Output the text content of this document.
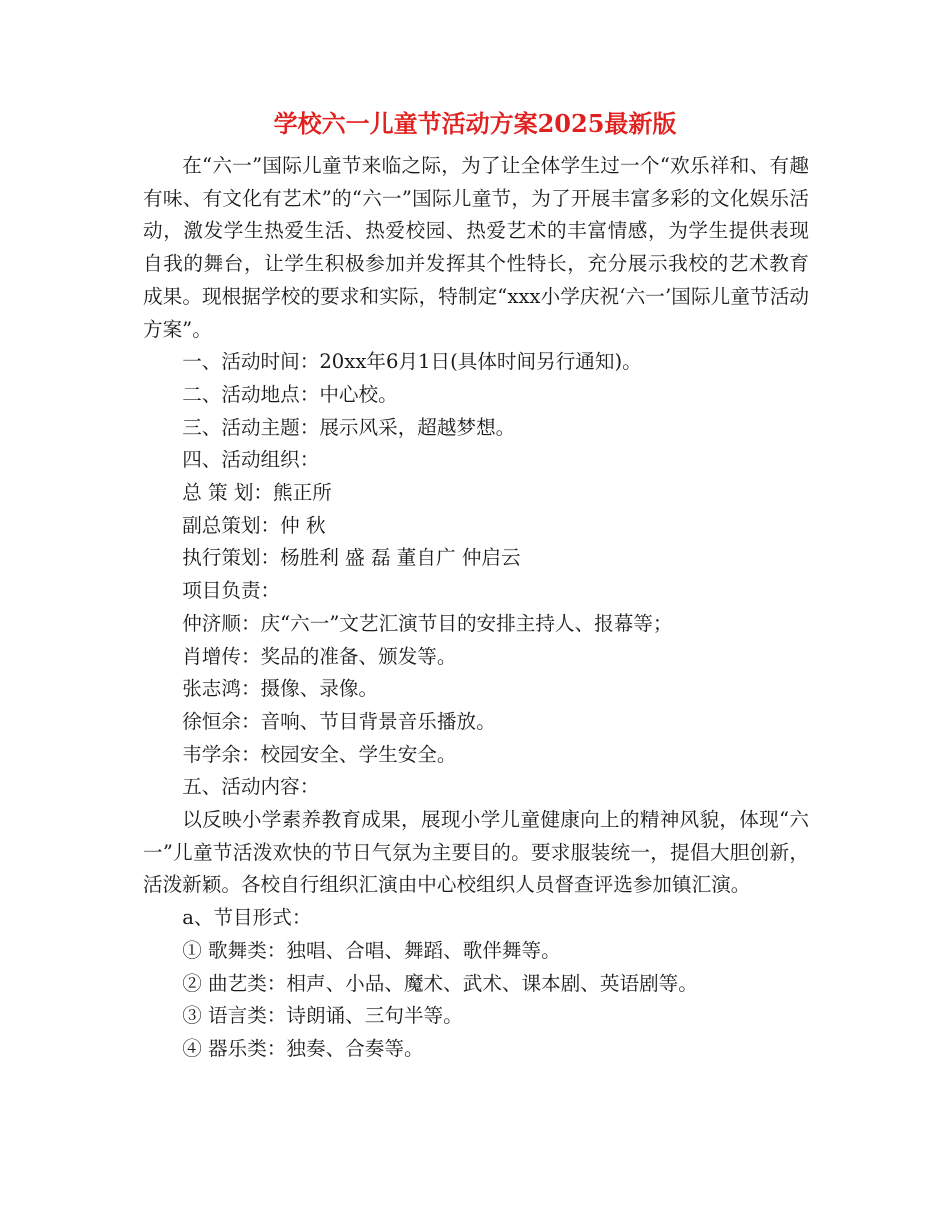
学校六一儿童节活动方案2025最新版

在“六一”国际儿童节来临之际，为了让全体学生过一个“欢乐祥和、有趣有味、有文化有艺术”的“六一”国际儿童节，为了开展丰富多彩的文化娱乐活动，激发学生热爱生活、热爱校园、热爱艺术的丰富情感，为学生提供表现自我的舞台，让学生积极参加并发挥其个性特长，充分展示我校的艺术教育成果。现根据学校的要求和实际，特制定“xxx小学庆祝‘六一’国际儿童节活动方案”。

一、活动时间：20xx年6月1日(具体时间另行通知)。

二、活动地点：中心校。

三、活动主题：展示风采，超越梦想。

四、活动组织：

总 策 划：熊正所

副总策划：仲 秋

执行策划：杨胜利 盛 磊 董自广 仲启云

项目负责：

仲济顺：庆“六一”文艺汇演节目的安排主持人、报幕等；

肖增传：奖品的准备、颁发等。

张志鸿：摄像、录像。

徐恒余：音响、节目背景音乐播放。

韦学余：校园安全、学生安全。

五、活动内容：

以反映小学素养教育成果，展现小学儿童健康向上的精神风貌，体现“六一”儿童节活泼欢快的节日气氛为主要目的。要求服装统一，提倡大胆创新，活泼新颖。各校自行组织汇演由中心校组织人员督查评选参加镇汇演。

a、节目形式：

① 歌舞类：独唱、合唱、舞蹈、歌伴舞等。

② 曲艺类：相声、小品、魔术、武术、课本剧、英语剧等。

③ 语言类：诗朗诵、三句半等。

④ 器乐类：独奏、合奏等。
